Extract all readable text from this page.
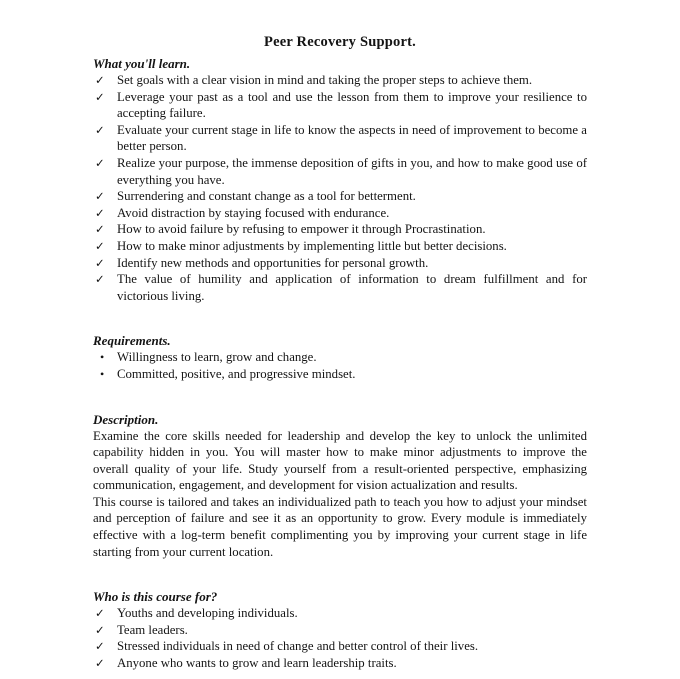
Peer Recovery Support.
What you'll learn.
✓ Set goals with a clear vision in mind and taking the proper steps to achieve them.
✓ Leverage your past as a tool and use the lesson from them to improve your resilience to accepting failure.
✓ Evaluate your current stage in life to know the aspects in need of improvement to become a better person.
✓ Realize your purpose, the immense deposition of gifts in you, and how to make good use of everything you have.
✓ Surrendering and constant change as a tool for betterment.
✓ Avoid distraction by staying focused with endurance.
✓ How to avoid failure by refusing to empower it through Procrastination.
✓ How to make minor adjustments by implementing little but better decisions.
✓ Identify new methods and opportunities for personal growth.
✓ The value of humility and application of information to dream fulfillment and for victorious living.
Requirements.
• Willingness to learn, grow and change.
• Committed, positive, and progressive mindset.
Description.

Examine the core skills needed for leadership and develop the key to unlock the unlimited capability hidden in you. You will master how to make minor adjustments to improve the overall quality of your life. Study yourself from a result-oriented perspective, emphasizing communication, engagement, and development for vision actualization and results.

This course is tailored and takes an individualized path to teach you how to adjust your mindset and perception of failure and see it as an opportunity to grow. Every module is immediately effective with a log-term benefit complimenting you by improving your current stage in life starting from your current location.

Who is this course for?
✓ Youths and developing individuals.
✓ Team leaders.
✓ Stressed individuals in need of change and better control of their lives.
✓ Anyone who wants to grow and learn leadership traits.
